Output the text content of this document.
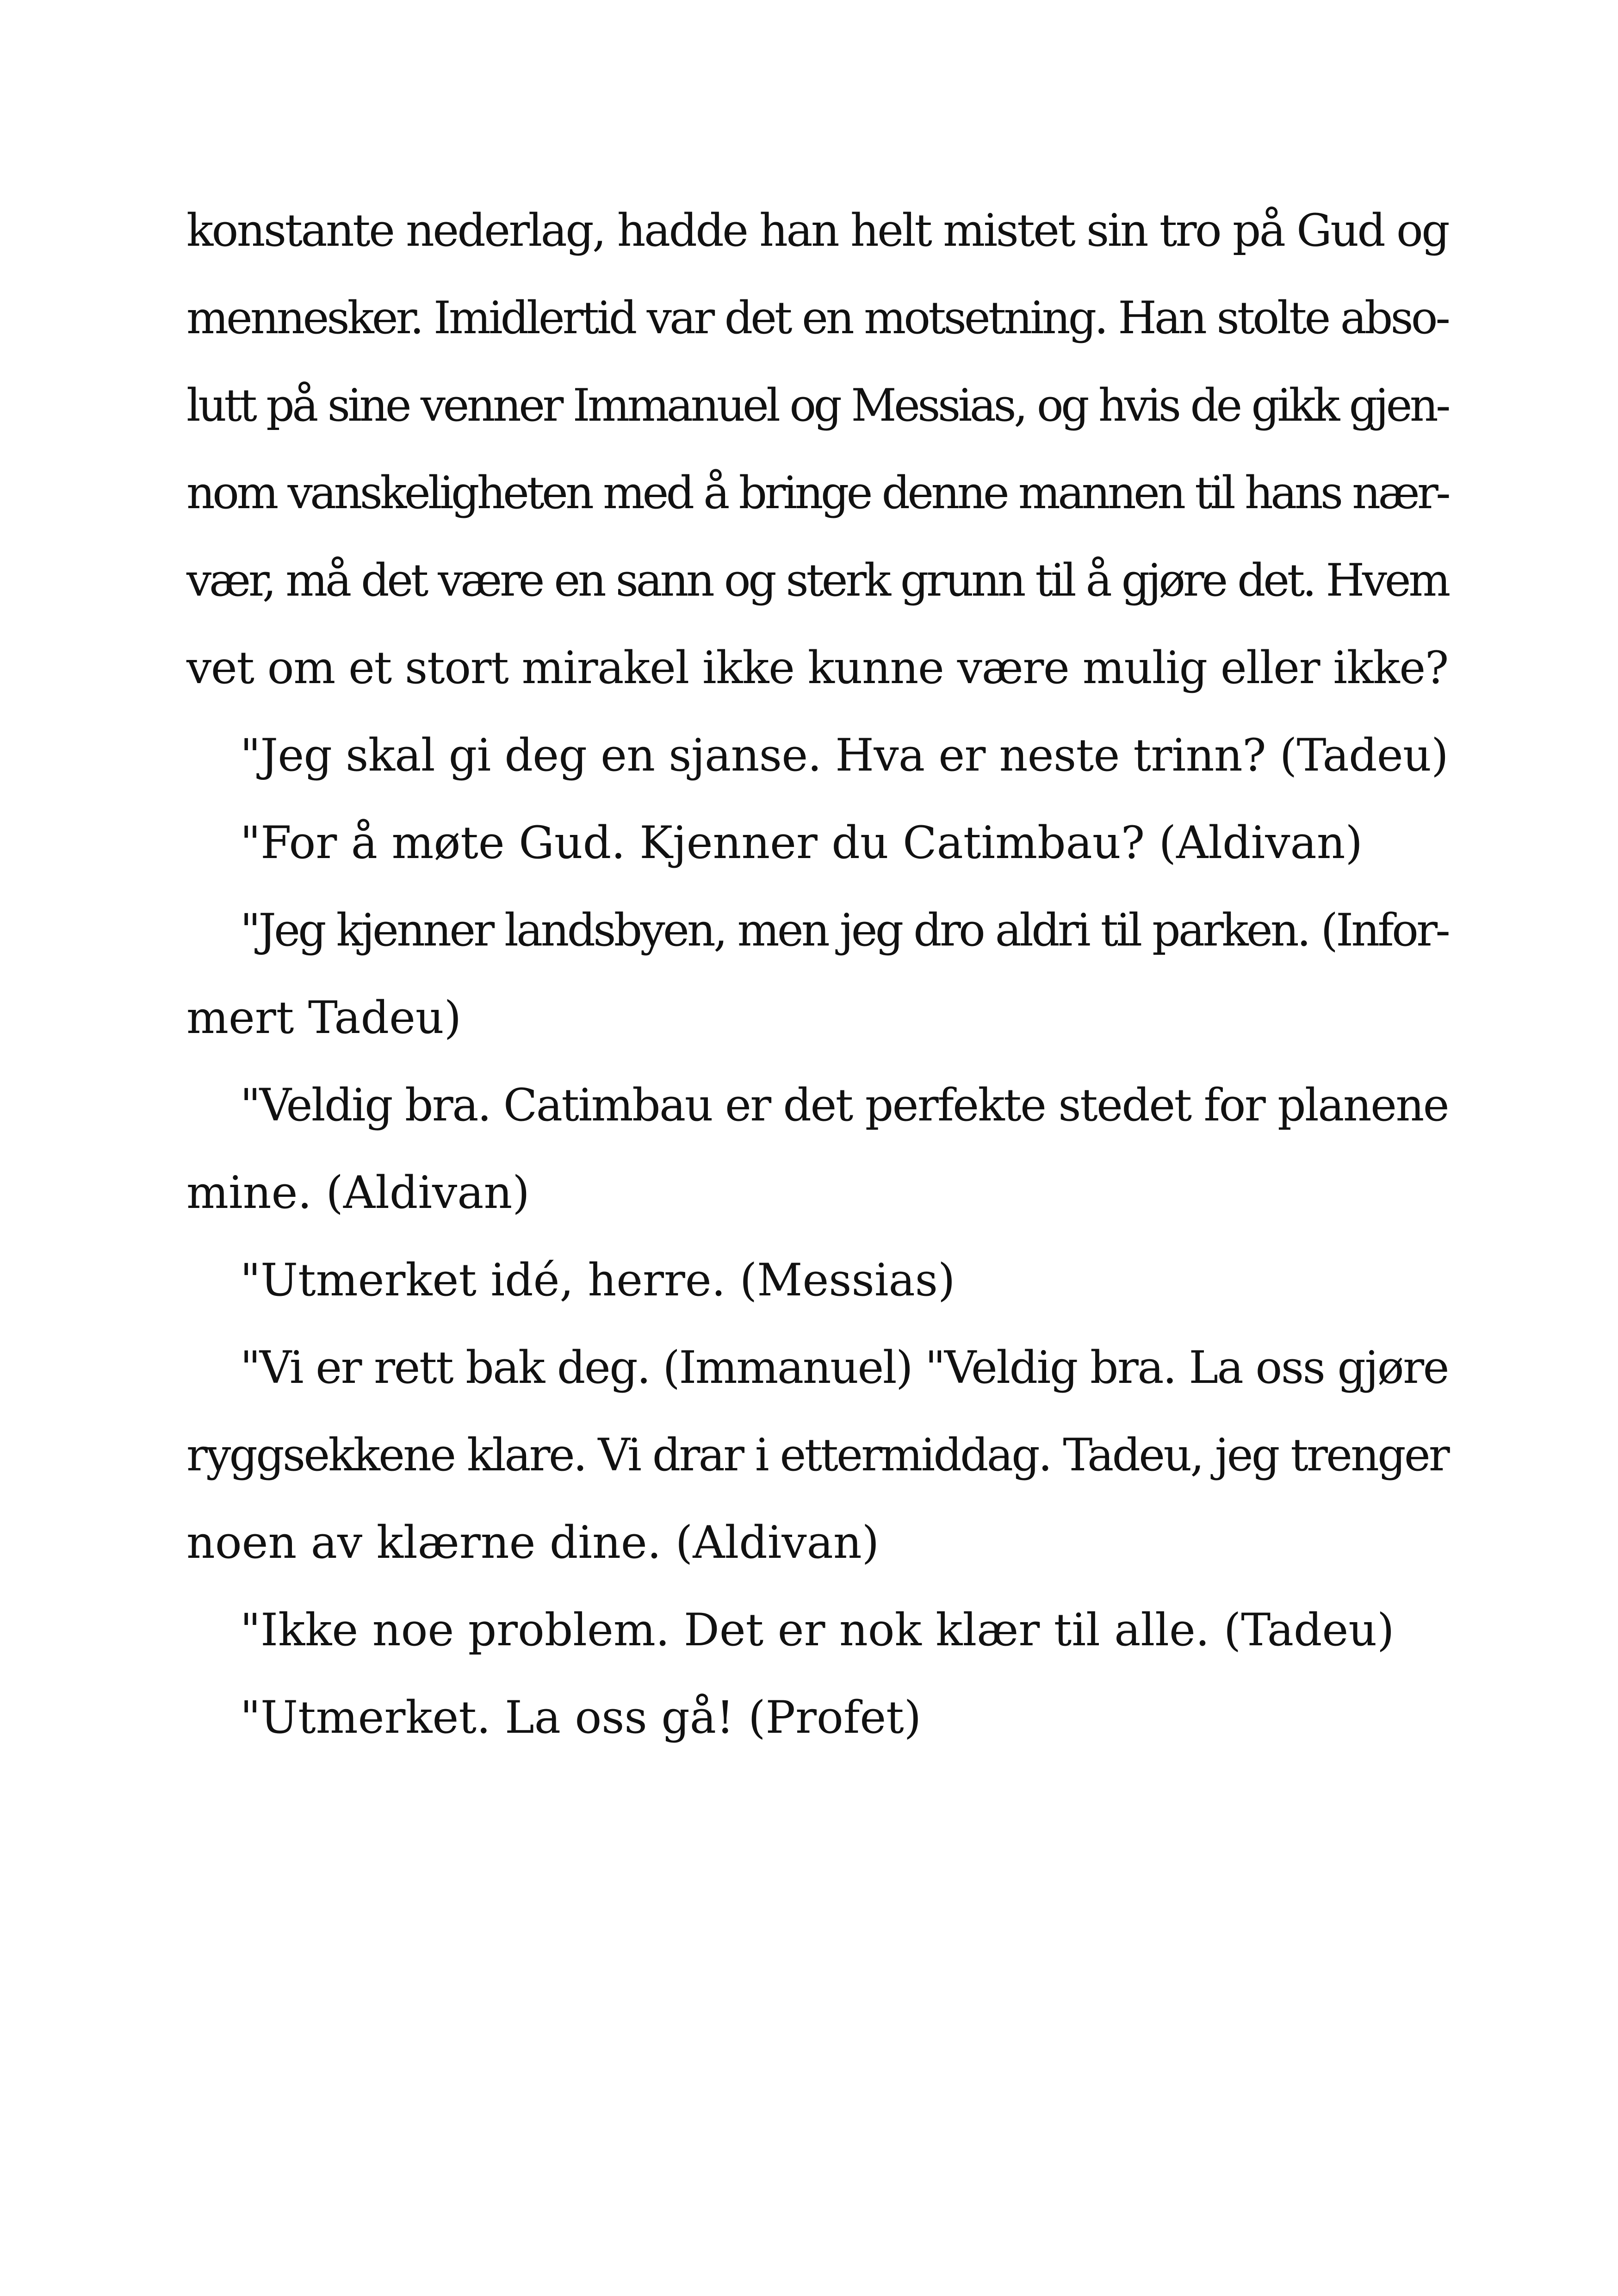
konstante nederlag, hadde han helt mistet sin tro på Gud og
mennesker. Imidlertid var det en motsetning. Han stolte abso-
lutt på sine venner Immanuel og Messias, og hvis de gikk gjen-
nom vanskeligheten med å bringe denne mannen til hans nær-
vær, må det være en sann og sterk grunn til å gjøre det. Hvem
vet om et stort mirakel ikke kunne være mulig eller ikke?
"Jeg skal gi deg en sjanse. Hva er neste trinn? (Tadeu)
"For å møte Gud. Kjenner du Catimbau? (Aldivan)
"Jeg kjenner landsbyen, men jeg dro aldri til parken. (Infor-
mert Tadeu)
"Veldig bra. Catimbau er det perfekte stedet for planene
mine. (Aldivan)
"Utmerket idé, herre. (Messias)
"Vi er rett bak deg. (Immanuel) "Veldig bra. La oss gjøre
ryggsekkene klare. Vi drar i ettermiddag. Tadeu, jeg trenger
noen av klærne dine. (Aldivan)
"Ikke noe problem. Det er nok klær til alle. (Tadeu)
"Utmerket. La oss gå! (Profet)
